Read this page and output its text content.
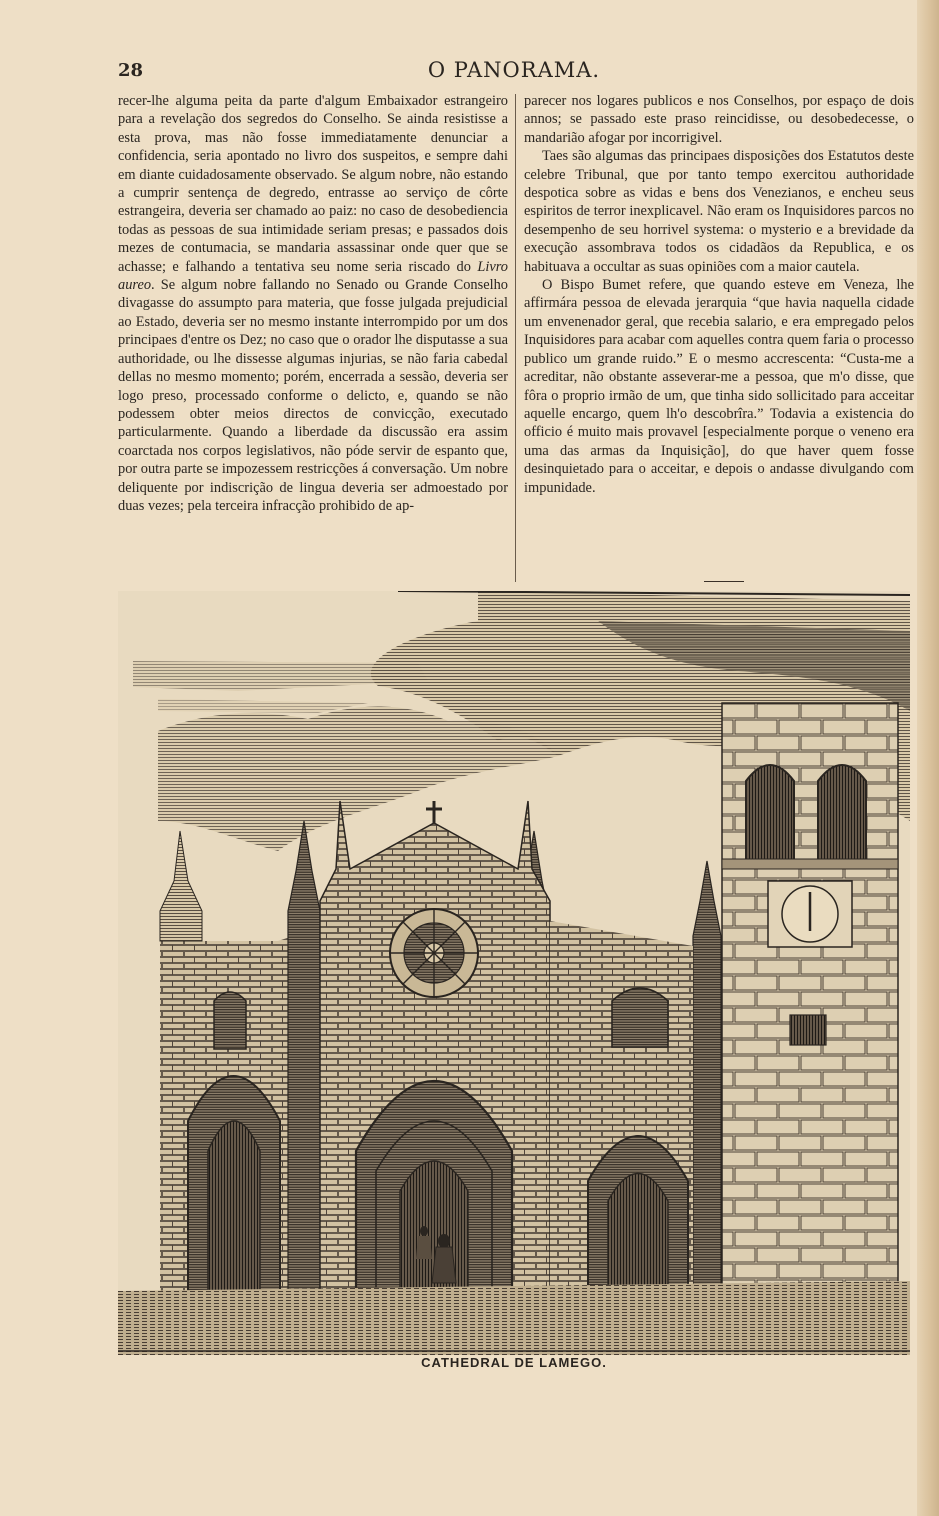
28	O PANORAMA.

recer-lhe alguma peita da parte d'algum Embaixador estrangeiro para a revelação dos segredos do Conselho. Se ainda resistisse a esta prova, mas não fosse immediatamente denunciar a confidencia, seria apontado no livro dos suspeitos, e sempre dahi em diante cuidadosamente observado. Se algum nobre, não estando a cumprir sentença de degredo, entrasse ao serviço de côrte estrangeira, deveria ser chamado ao paiz: no caso de desobediencia todas as pessoas de sua intimidade seriam presas; e passados dois mezes de contumacia, se mandaria assassinar onde quer que se achasse; e falhando a tentativa seu nome seria riscado do Livro aureo. Se algum nobre fallando no Senado ou Grande Conselho divagasse do assumpto para materia, que fosse julgada prejudicial ao Estado, deveria ser no mesmo instante interrompido por um dos principaes d'entre os Dez; no caso que o orador lhe disputasse a sua authoridade, ou lhe dissesse algumas injurias, se não faria cabedal dellas no mesmo momento; porém, encerrada a sessão, deveria ser logo preso, processado conforme o delicto, e, quando se não podessem obter meios directos de convicção, executado particularmente. Quando a liberdade da discussão era assim coarctada nos corpos legislativos, não póde servir de espanto que, por outra parte se impozessem restricções á conversação. Um nobre deliquente por indiscrição de lingua deveria ser admoestado por duas vezes; pela terceira infracção prohibido de ap-

parecer nos logares publicos e nos Conselhos, por espaço de dois annos; se passado este praso reincidisse, ou desobedecesse, o mandarião afogar por incorrigivel.

Taes são algumas das principaes disposições dos Estatutos deste celebre Tribunal, que por tanto tempo exercitou authoridade despotica sobre as vidas e bens dos Venezianos, e encheu seus espiritos de terror inexplicavel. Não eram os Inquisidores parcos no desempenho de seu horrivel systema: o mysterio e a brevidade da execução assombrava todos os cidadãos da Republica, e os habituava a occultar as suas opiniões com a maior cautela.

O Bispo Bumet refere, que quando esteve em Veneza, lhe affirmára pessoa de elevada jerarquia “que havia naquella cidade um envenenador geral, que recebia salario, e era empregado pelos Inquisidores para acabar com aquelles contra quem faria o processo publico um grande ruido.” E o mesmo accrescenta: “Custa-me a acreditar, não obstante asseverar-me a pessoa, que m'o disse, que fôra o proprio irmão de um, que tinha sido sollicitado para acceitar aquelle encargo, quem lh'o descobrîra.” Todavia a existencia do officio é muito mais provavel [especialmente porque o veneno era uma das armas da Inquisição], do que haver quem fosse desinquietado para o acceitar, e depois o andasse divulgando com impunidade.

CATHEDRAL DE LAMEGO.
